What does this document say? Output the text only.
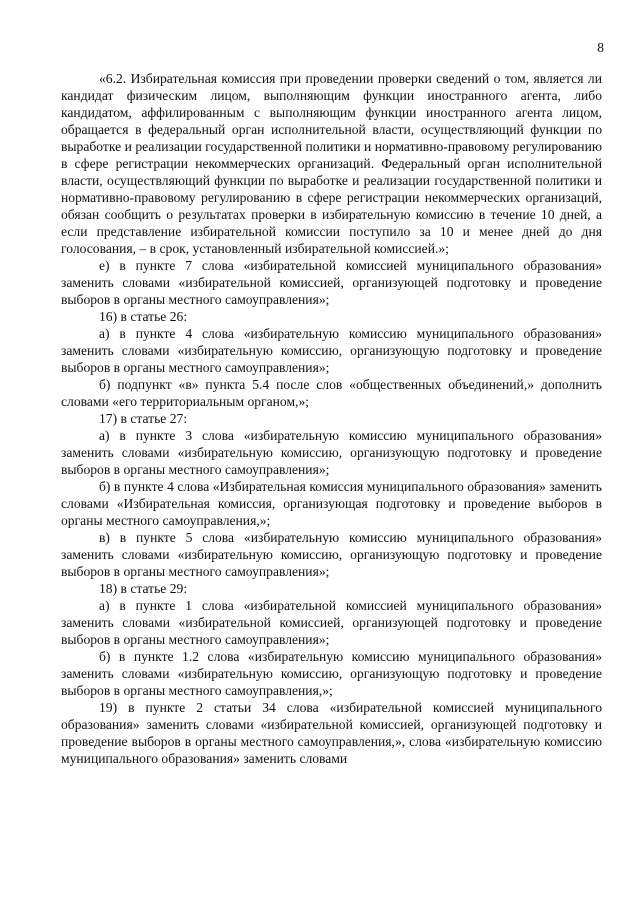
8

«6.2. Избирательная комиссия при проведении проверки сведений о том, является ли кандидат физическим лицом, выполняющим функции иностранного агента, либо кандидатом, аффилированным с выполняющим функции иностранного агента лицом, обращается в федеральный орган исполнительной власти, осуществляющий функции по выработке и реализации государственной политики и нормативно-правовому регулированию в сфере регистрации некоммерческих организаций. Федеральный орган исполнительной власти, осуществляющий функции по выработке и реализации государственной политики и нормативно-правовому регулированию в сфере регистрации некоммерческих организаций, обязан сообщить о результатах проверки в избирательную комиссию в течение 10 дней, а если представление избирательной комиссии поступило за 10 и менее дней до дня голосования, – в срок, установленный избирательной комиссией.»;

е) в пункте 7 слова «избирательной комиссией муниципального образования» заменить словами «избирательной комиссией, организующей подготовку и проведение выборов в органы местного самоуправления»;

16) в статье 26:

а) в пункте 4 слова «избирательную комиссию муниципального образования» заменить словами «избирательную комиссию, организующую подготовку и проведение выборов в органы местного самоуправления»;

б) подпункт «в» пункта 5.4 после слов «общественных объединений,» дополнить словами «его территориальным органом,»;

17) в статье 27:

а) в пункте 3 слова «избирательную комиссию муниципального образования» заменить словами «избирательную комиссию, организующую подготовку и проведение выборов в органы местного самоуправления»;

б) в пункте 4 слова «Избирательная комиссия муниципального образования» заменить словами «Избирательная комиссия, организующая подготовку и проведение выборов в органы местного самоуправления,»;

в) в пункте 5 слова «избирательную комиссию муниципального образования» заменить словами «избирательную комиссию, организующую подготовку и проведение выборов в органы местного самоуправления»;

18) в статье 29:

а) в пункте 1 слова «избирательной комиссией муниципального образования» заменить словами «избирательной комиссией, организующей подготовку и проведение выборов в органы местного самоуправления»;

б) в пункте 1.2 слова «избирательную комиссию муниципального образования» заменить словами «избирательную комиссию, организующую подготовку и проведение выборов в органы местного самоуправления,»;

19) в пункте 2 статьи 34 слова «избирательной комиссией муниципального образования» заменить словами «избирательной комиссией, организующей подготовку и проведение выборов в органы местного самоуправления,», слова «избирательную комиссию муниципального образования» заменить словами
